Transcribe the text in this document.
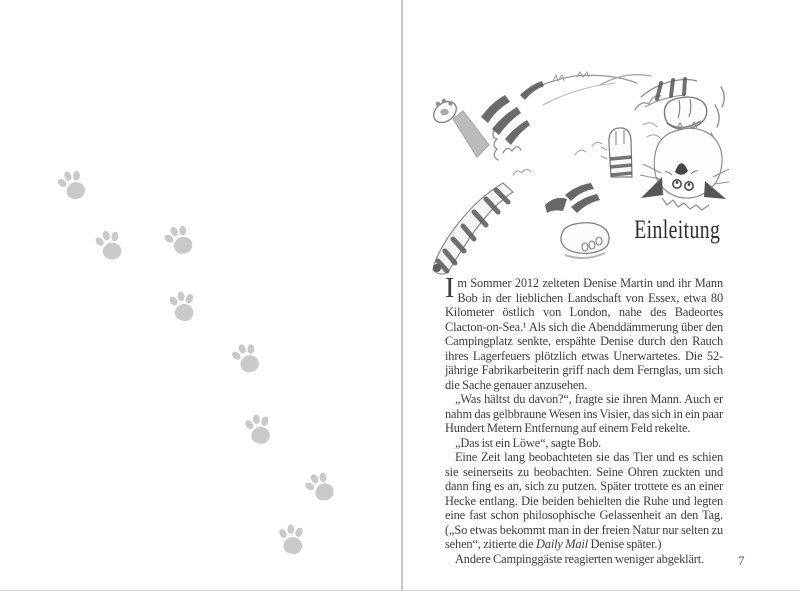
Einleitung

Im Sommer 2012 zelteten Denise Martin und ihr Mann Bob in der lieblichen Landschaft von Essex, etwa 80 Kilometer östlich von London, nahe des Badeortes Clacton-on-Sea.¹ Als sich die Abenddämmerung über den Campingplatz senkte, erspähte Denise durch den Rauch ihres Lagerfeuers plötzlich etwas Unerwartetes. Die 52-jährige Fabrikarbeiterin griff nach dem Fernglas, um sich die Sache genauer anzusehen.

„Was hältst du davon?“, fragte sie ihren Mann. Auch er nahm das gelbbraune Wesen ins Visier, das sich in ein paar Hundert Metern Entfernung auf einem Feld rekelte.

„Das ist ein Löwe“, sagte Bob.

Eine Zeit lang beobachteten sie das Tier und es schien sie seinerseits zu beobachten. Seine Ohren zuckten und dann fing es an, sich zu putzen. Später trottete es an einer Hecke entlang. Die beiden behielten die Ruhe und legten eine fast schon philosophische Gelassenheit an den Tag. („So etwas bekommt man in der freien Natur nur selten zu sehen“, zitierte die Daily Mail Denise später.)

Andere Campinggäste reagierten weniger abgeklärt.	7
